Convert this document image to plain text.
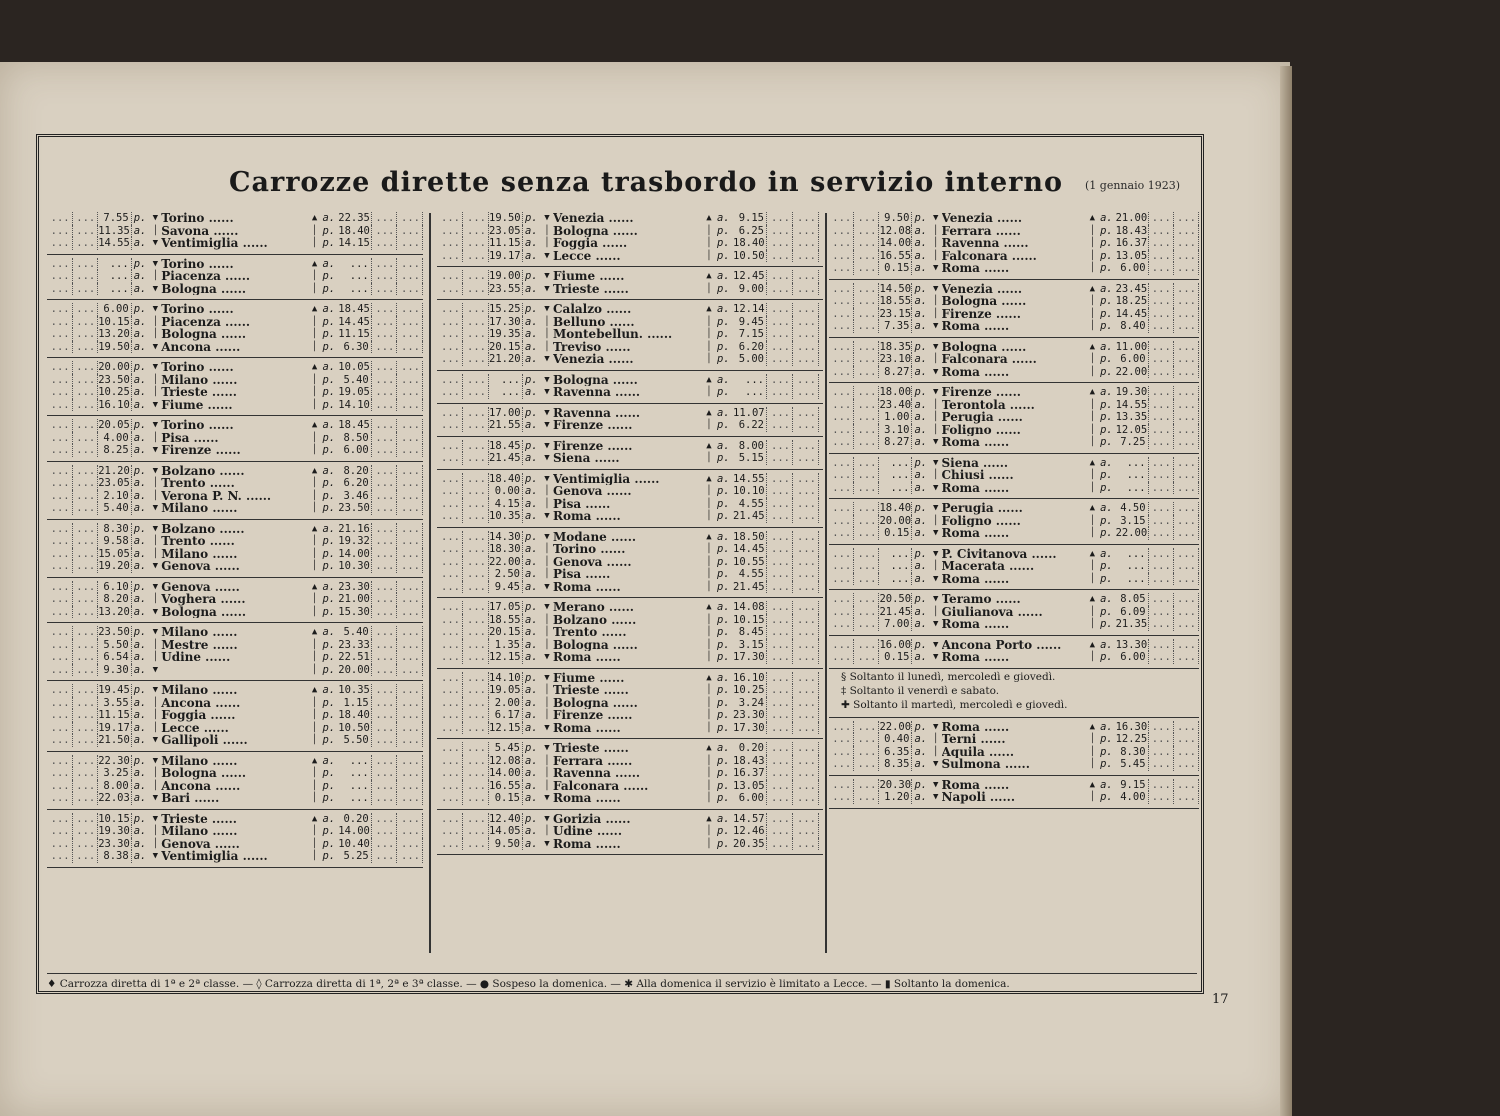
Carrozze dirette senza trasbordo in servizio interno (1 gennaio 1923)
... ... 7.55 p. ▼ Torino ......	▲ a. 22.35 ... ...
... ... 11.35 a. │ Savona ......	│ p. 18.40 ... ...
... ... 14.55 a. ▼ Ventimiglia ......	│ p. 14.15 ... ...
... ...	... p. ▼ Torino ......	▲ a.	... ... ...
... ...	... a. │ Piacenza ......	│ p.	... ... ...
... ...	... a. ▼ Bologna ......	│ p.	... ... ...
... ... 6.00 p. ▼ Torino ......	▲ a. 18.45 ... ...
... ... 10.15 a. │ Piacenza ......	│ p. 14.45 ... ...
... ... 13.20 a. │ Bologna ......	│ p. 11.15 ... ...
... ... 19.50 a. ▼ Ancona ......	│ p. 6.30 ... ...
... ... 20.00 p. ▼ Torino ......	▲ a. 10.05 ... ...
... ... 23.50 a. │ Milano ......	│ p. 5.40 ... ...
... ... 10.25 a. │ Trieste ......	│ p. 19.05 ... ...
... ... 16.10 a. ▼ Fiume ......	│ p. 14.10 ... ...
... ... 20.05 p. ▼ Torino ......	▲ a. 18.45 ... ...
... ... 4.00 a. │ Pisa ......	│ p. 8.50 ... ...
... ... 8.25 a. ▼ Firenze ......	│ p. 6.00 ... ...
... ... 21.20 p. ▼ Bolzano ......	▲ a. 8.20 ... ...
... ... 23.05 a. │ Trento ......	│ p. 6.20 ... ...
... ... 2.10 a. │ Verona P. N. ......	│ p. 3.46 ... ...
... ... 5.40 a. ▼ Milano ......	│ p. 23.50 ... ...
... ... 8.30 p. ▼ Bolzano ......	▲ a. 21.16 ... ...
... ... 9.58 a. │ Trento ......	│ p. 19.32 ... ...
... ... 15.05 a. │ Milano ......	│ p. 14.00 ... ...
... ... 19.20 a. ▼ Genova ......	│ p. 10.30 ... ...
... ... 6.10 p. ▼ Genova ......	▲ a. 23.30 ... ...
... ... 8.20 a. │ Voghera ......	│ p. 21.00 ... ...
... ... 13.20 a. ▼ Bologna ......	│ p. 15.30 ... ...
... ... 23.50 p. ▼ Milano ......	▲ a. 5.40 ... ...
... ... 5.50 a. │ Mestre ......	│ p. 23.33 ... ...
... ... 6.54 a. │ Udine ......	│ p. 22.51 ... ...
... ... 9.30 a. ▼	│ p. 20.00 ... ...
... ... 19.45 p. ▼ Milano ......	▲ a. 10.35 ... ...
... ... 3.55 a. │ Ancona ......	│ p. 1.15 ... ...
... ... 11.15 a. │ Foggia ......	│ p. 18.40 ... ...
... ... 19.17 a. │ Lecce ......	│ p. 10.50 ... ...
... ... 21.50 a. ▼ Gallipoli ......	│ p. 5.50 ... ...
... ... 22.30 p. ▼ Milano ......	▲ a.	... ... ...
... ... 3.25 a. │ Bologna ......	│ p.	... ... ...
... ... 8.00 a. │ Ancona ......	│ p.	... ... ...
... ... 22.03 a. ▼ Bari ......	│ p.	... ... ...
... ... 10.15 p. ▼ Trieste ......	▲ a. 0.20 ... ...
... ... 19.30 a. │ Milano ......	│ p. 14.00 ... ...
... ... 23.30 a. │ Genova ......	│ p. 10.40 ... ...
... ... 8.38 a. ▼ Ventimiglia ......	│ p. 5.25 ... ...
... ... 19.50 p. ▼ Venezia ......	▲ a. 9.15 ... ...
... ... 23.05 a. │ Bologna ......	│ p. 6.25 ... ...
... ... 11.15 a. │ Foggia ......	│ p. 18.40 ... ...
... ... 19.17 a. ▼ Lecce ......	│ p. 10.50 ... ...
... ... 19.00 p. ▼ Fiume ......	▲ a. 12.45 ... ...
... ... 23.55 a. ▼ Trieste ......	│ p. 9.00 ... ...
... ... 15.25 p. ▼ Calalzo ......	▲ a. 12.14 ... ...
... ... 17.30 a. │ Belluno ......	│ p. 9.45 ... ...
... ... 19.35 a. │ Montebellun. ......	│ p. 7.15 ... ...
... ... 20.15 a. │ Treviso ......	│ p. 6.20 ... ...
... ... 21.20 a. ▼ Venezia ......	│ p. 5.00 ... ...
... ...	... p. ▼ Bologna ......	▲ a.	... ... ...
... ...	... a. ▼ Ravenna ......	│ p.	... ... ...
... ... 17.00 p. ▼ Ravenna ......	▲ a. 11.07 ... ...
... ... 21.55 a. ▼ Firenze ......	│ p. 6.22 ... ...
... ... 18.45 p. ▼ Firenze ......	▲ a. 8.00 ... ...
... ... 21.45 a. ▼ Siena ......	│ p. 5.15 ... ...
... ... 18.40 p. ▼ Ventimiglia ......	▲ a. 14.55 ... ...
... ... 0.00 a. │ Genova ......	│ p. 10.10 ... ...
... ... 4.15 a. │ Pisa ......	│ p. 4.55 ... ...
... ... 10.35 a. ▼ Roma ......	│ p. 21.45 ... ...
... ... 14.30 p. ▼ Modane ......	▲ a. 18.50 ... ...
... ... 18.30 a. │ Torino ......	│ p. 14.45 ... ...
... ... 22.00 a. │ Genova ......	│ p. 10.55 ... ...
... ... 2.50 a. │ Pisa ......	│ p. 4.55 ... ...
... ... 9.45 a. ▼ Roma ......	│ p. 21.45 ... ...
... ... 17.05 p. ▼ Merano ......	▲ a. 14.08 ... ...
... ... 18.55 a. │ Bolzano ......	│ p. 10.15 ... ...
... ... 20.15 a. │ Trento ......	│ p. 8.45 ... ...
... ... 1.35 a. │ Bologna ......	│ p. 3.15 ... ...
... ... 12.15 a. ▼ Roma ......	│ p. 17.30 ... ...
... ... 14.10 p. ▼ Fiume ......	▲ a. 16.10 ... ...
... ... 19.05 a. │ Trieste ......	│ p. 10.25 ... ...
... ... 2.00 a. │ Bologna ......	│ p. 3.24 ... ...
... ... 6.17 a. │ Firenze ......	│ p. 23.30 ... ...
... ... 12.15 a. ▼ Roma ......	│ p. 17.30 ... ...
... ... 5.45 p. ▼ Trieste ......	▲ a. 0.20 ... ...
... ... 12.08 a. │ Ferrara ......	│ p. 18.43 ... ...
... ... 14.00 a. │ Ravenna ......	│ p. 16.37 ... ...
... ... 16.55 a. │ Falconara ......	│ p. 13.05 ... ...
... ... 0.15 a. ▼ Roma ......	│ p. 6.00 ... ...
... ... 12.40 p. ▼ Gorizia ......	▲ a. 14.57 ... ...
... ... 14.05 a. │ Udine ......	│ p. 12.46 ... ...
... ... 9.50 a. ▼ Roma ......	│ p. 20.35 ... ...
... ... 9.50 p. ▼ Venezia ......	▲ a. 21.00 ... ...
... ... 12.08 a. │ Ferrara ......	│ p. 18.43 ... ...
... ... 14.00 a. │ Ravenna ......	│ p. 16.37 ... ...
... ... 16.55 a. │ Falconara ......	│ p. 13.05 ... ...
... ... 0.15 a. ▼ Roma ......	│ p. 6.00 ... ...
... ... 14.50 p. ▼ Venezia ......	▲ a. 23.45 ... ...
... ... 18.55 a. │ Bologna ......	│ p. 18.25 ... ...
... ... 23.15 a. │ Firenze ......	│ p. 14.45 ... ...
... ... 7.35 a. ▼ Roma ......	│ p. 8.40 ... ...
... ... 18.35 p. ▼ Bologna ......	▲ a. 11.00 ... ...
... ... 23.10 a. │ Falconara ......	│ p. 6.00 ... ...
... ... 8.27 a. ▼ Roma ......	│ p. 22.00 ... ...
... ... 18.00 p. ▼ Firenze ......	▲ a. 19.30 ... ...
... ... 23.40 a. │ Terontola ......	│ p. 14.55 ... ...
... ... 1.00 a. │ Perugia ......	│ p. 13.35 ... ...
... ... 3.10 a. │ Foligno ......	│ p. 12.05 ... ...
... ... 8.27 a. ▼ Roma ......	│ p. 7.25 ... ...
... ...	... p. ▼ Siena ......	▲ a.	... ... ...
... ...	... a. │ Chiusi ......	│ p.	... ... ...
... ...	... a. ▼ Roma ......	│ p.	... ... ...
... ... 18.40 p. ▼ Perugia ......	▲ a. 4.50 ... ...
... ... 20.00 a. │ Foligno ......	│ p. 3.15 ... ...
... ... 0.15 a. ▼ Roma ......	│ p. 22.00 ... ...
... ...	... p. ▼ P. Civitanova ......	▲ a.	... ... ...
... ...	... a. │ Macerata ......	│ p.	... ... ...
... ...	... a. ▼ Roma ......	│ p.	... ... ...
... ... 20.50 p. ▼ Teramo ......	▲ a. 8.05 ... ...
... ... 21.45 a. │ Giulianova ......	│ p. 6.09 ... ...
... ... 7.00 a. ▼ Roma ......	│ p. 21.35 ... ...
... ... 16.00 p. ▼ Ancona Porto ......	▲ a. 13.30 ... ...
... ... 0.15 a. ▼ Roma ......	│ p. 6.00 ... ...
§ Soltanto il lunedì, mercoledì e giovedì.
‡ Soltanto il venerdì e sabato.
✚ Soltanto il martedì, mercoledì e giovedì.
... ... 22.00 p. ▼ Roma ......	▲ a. 16.30 ... ...
... ... 0.40 a. │ Terni ......	│ p. 12.25 ... ...
... ... 6.35 a. │ Aquila ......	│ p. 8.30 ... ...
... ... 8.35 a. ▼ Sulmona ......	│ p. 5.45 ... ...
... ... 20.30 p. ▼ Roma ......	▲ a. 9.15 ... ...
... ... 1.20 a. ▼ Napoli ......	│ p. 4.00 ... ...
♦ Carrozza diretta di 1ª e 2ª classe. — ◊ Carrozza diretta di 1ª, 2ª e 3ª classe. — ● Sospeso la domenica. — ✱ Alla domenica il servizio è limitato a Lecce. — ▮ Soltanto la domenica.
17
